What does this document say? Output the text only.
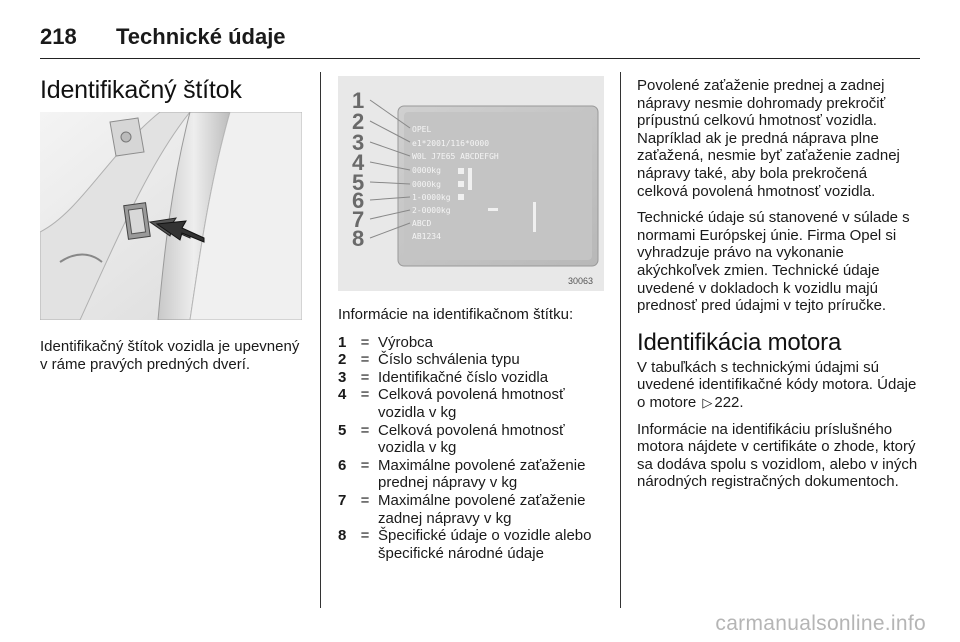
218 Technické údaje
Identifikačný štítok

Identifikačný štítok vozidla je upevnený v ráme pravých predných dverí.

OPEL
e1*2001/116*0000
W0L J7E65 ABCDEFGH
0000kg
0000kg
1-0000kg
2-0000kg
ABCD
AB1234
1
2
3
4
5
6
7
8
30063

Informácie na identifikačnom štítku:

1 = Výrobca
2 = Číslo schválenia typu
3 = Identifikačné číslo vozidla
4 = Celková povolená hmotnosť vozidla v kg
5 = Celková povolená hmotnosť vozidla v kg
6 = Maximálne povolené zaťaženie prednej nápravy v kg
7 = Maximálne povolené zaťaženie zadnej nápravy v kg
8 = Špecifické údaje o vozidle alebo špecifické národné údaje

Povolené zaťaženie prednej a zadnej nápravy nesmie dohromady prekročiť prípustnú celkovú hmotnosť vozidla. Napríklad ak je predná náprava plne zaťažená, nesmie byť zaťaženie zadnej nápravy také, aby bola prekročená celková povolená hmotnosť vozidla.

Technické údaje sú stanovené v súlade s normami Európskej únie. Firma Opel si vyhradzuje právo na vykonanie akýchkoľvek zmien. Technické údaje uvedené v dokladoch k vozidlu majú prednosť pred údajmi v tejto príručke.

Identifikácia motora

V tabuľkách s technickými údajmi sú uvedené identifikačné kódy motora. Údaje o motore ▷ 222.

Informácie na identifikáciu príslušného motora nájdete v certifikáte o zhode, ktorý sa dodáva spolu s vozidlom, alebo v iných národných registračných dokumentoch.

carmanualsonline.info
